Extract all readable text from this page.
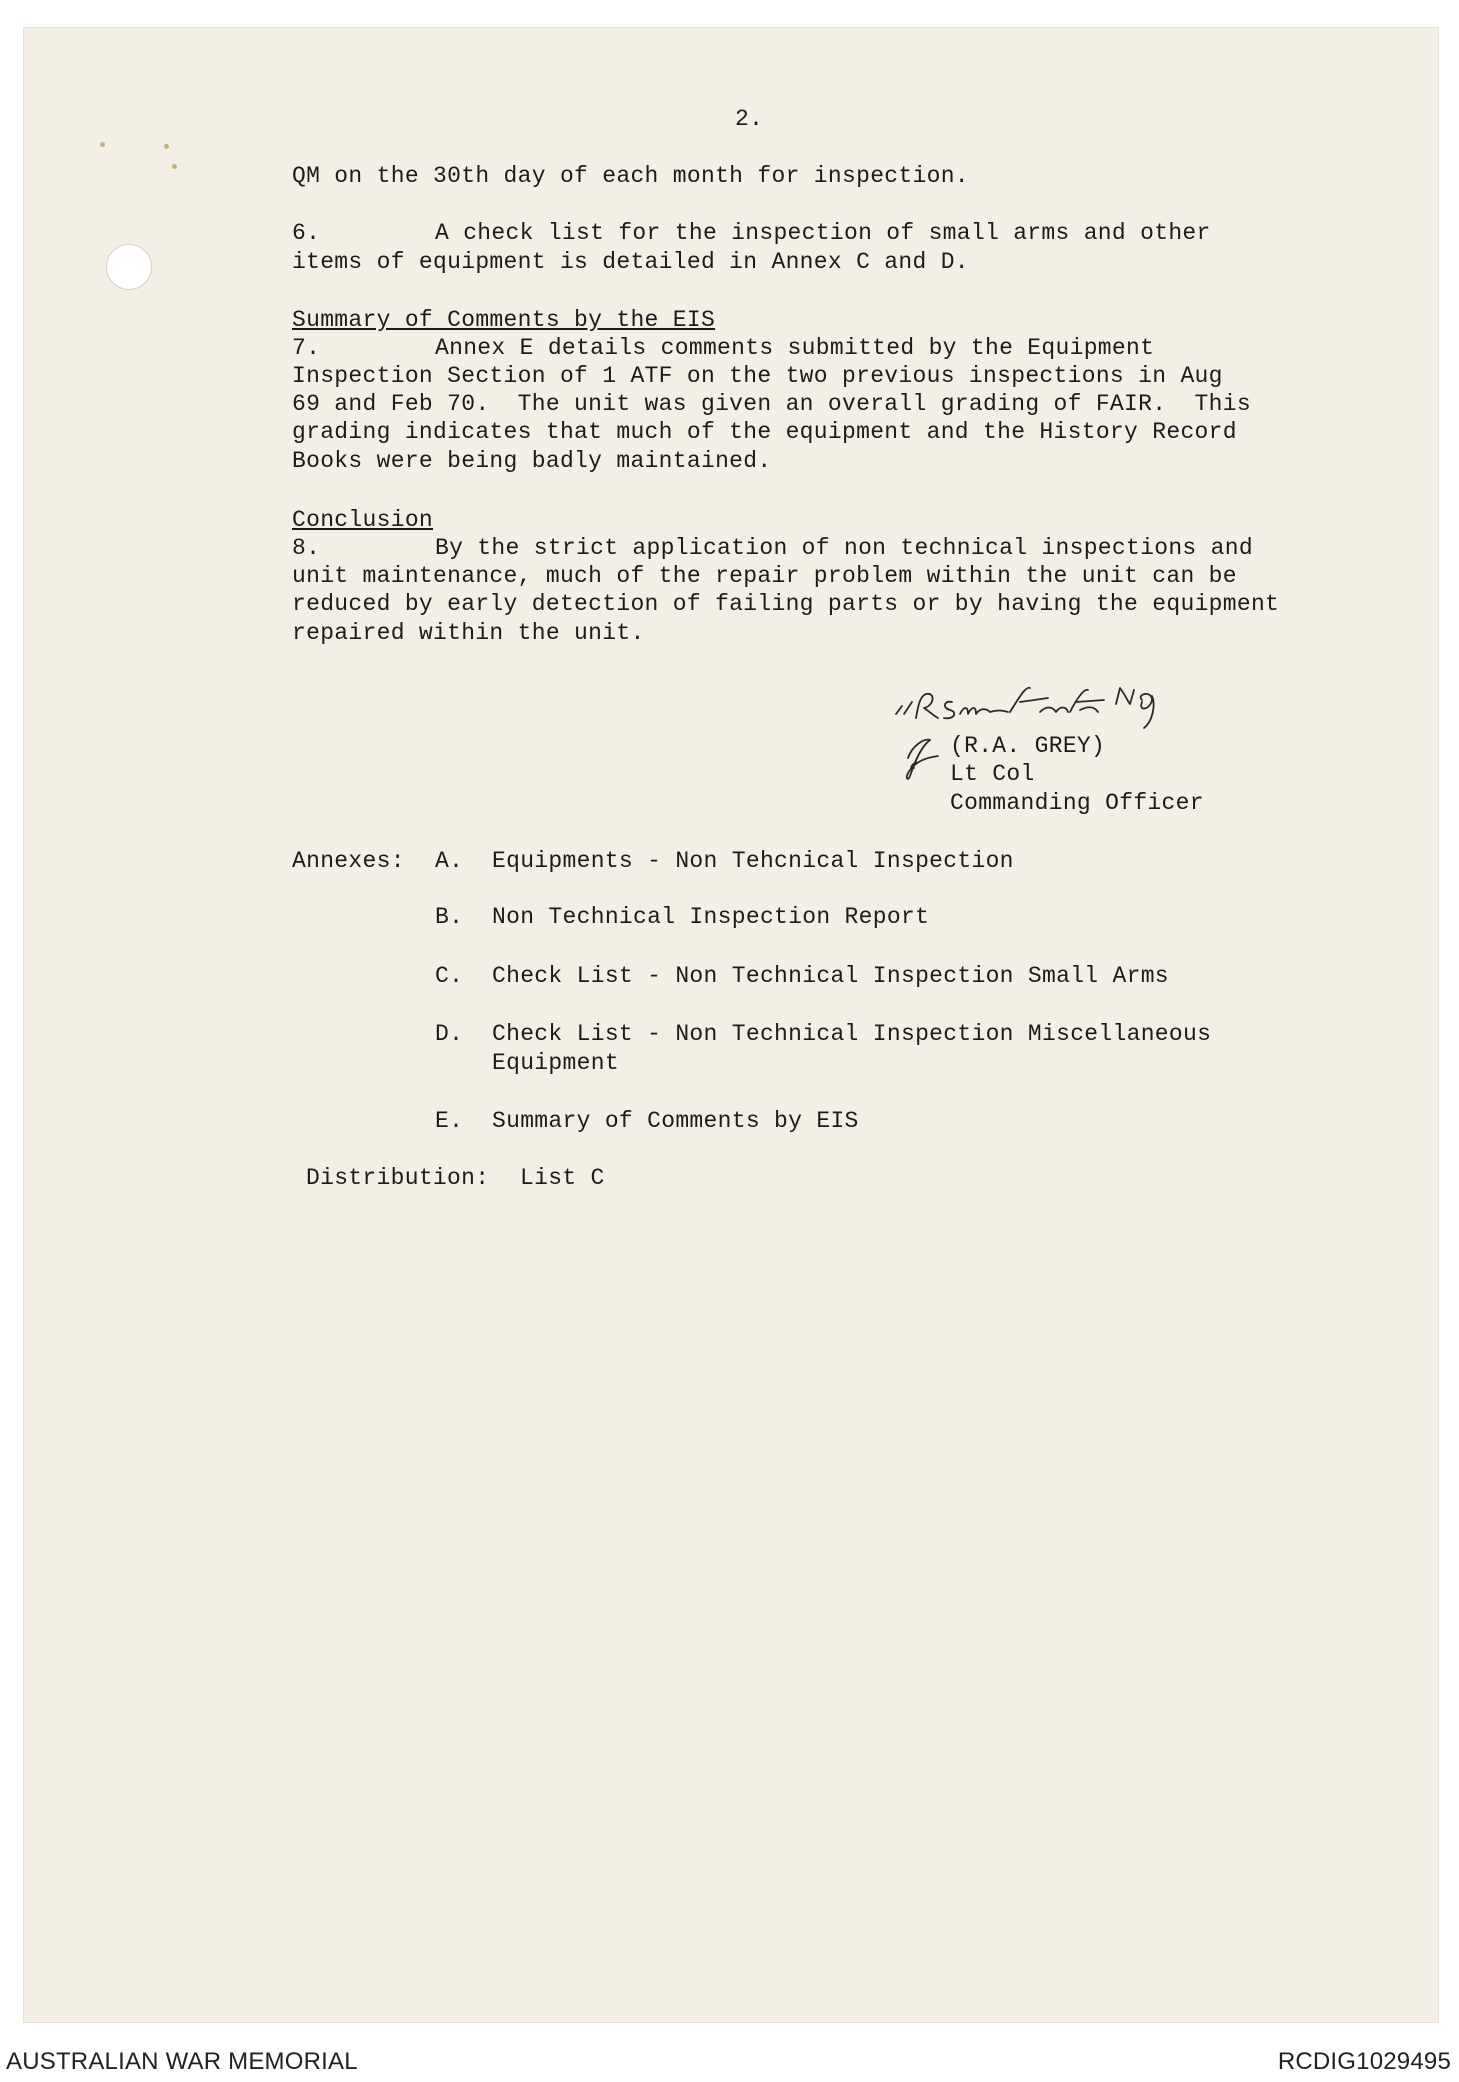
2.
QM on the 30th day of each month for inspection.
6.	A check list for the inspection of small arms and other
items of equipment is detailed in Annex C and D.
Summary of Comments by the EIS
7.	Annex E details comments submitted by the Equipment
Inspection Section of 1 ATF on the two previous inspections in Aug
69 and Feb 70.  The unit was given an overall grading of FAIR.  This
grading indicates that much of the equipment and the History Record
Books were being badly maintained.
Conclusion
8.	By the strict application of non technical inspections and
unit maintenance, much of the repair problem within the unit can be
reduced by early detection of failing parts or by having the equipment
repaired within the unit.
(R.A. GREY)
Lt Col
Commanding Officer
Annexes: A. Equipments - Non Tehcnical Inspection
B. Non Technical Inspection Report
C. Check List - Non Technical Inspection Small Arms
D. Check List - Non Technical Inspection Miscellaneous
Equipment
E. Summary of Comments by EIS
Distribution: List C
AUSTRALIAN WAR MEMORIAL	RCDIG1029495
